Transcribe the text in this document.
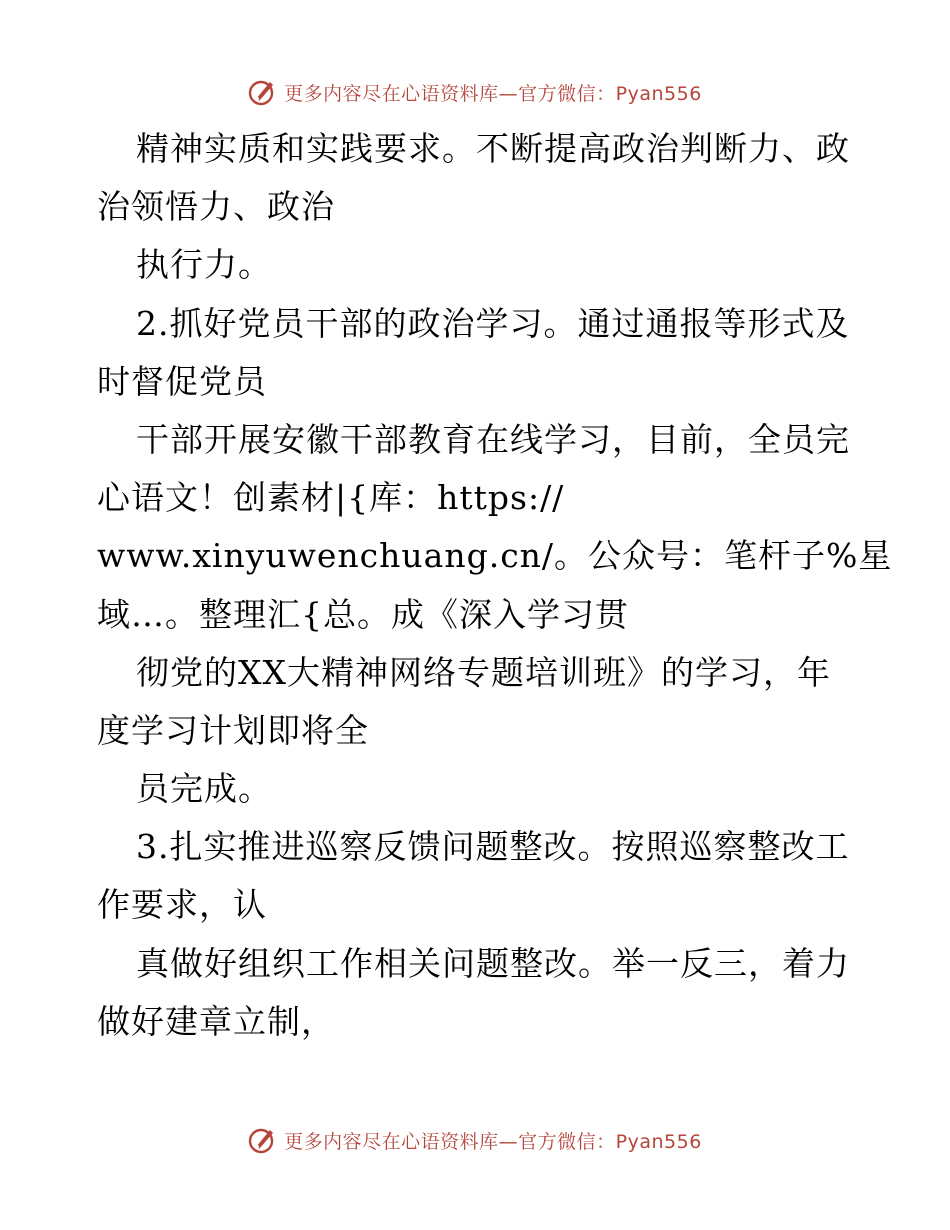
更多内容尽在心语资料库—官方微信：Pyan556
精神实质和实践要求。不断提高政治判断力、政
治领悟力、政治
执行力。
2.抓好党员干部的政治学习。通过通报等形式及
时督促党员
干部开展安徽干部教育在线学习，目前，全员完
心语文！创素材|{库：https://
www.xinyuwenchuang.cn/。公众号：笔杆子%星
域…。整理汇{总。成《深入学习贯
彻党的XX大精神网络专题培训班》的学习，年
度学习计划即将全
员完成。
3.扎实推进巡察反馈问题整改。按照巡察整改工
作要求，认
真做好组织工作相关问题整改。举一反三，着力
做好建章立制，
更多内容尽在心语资料库—官方微信：Pyan556
